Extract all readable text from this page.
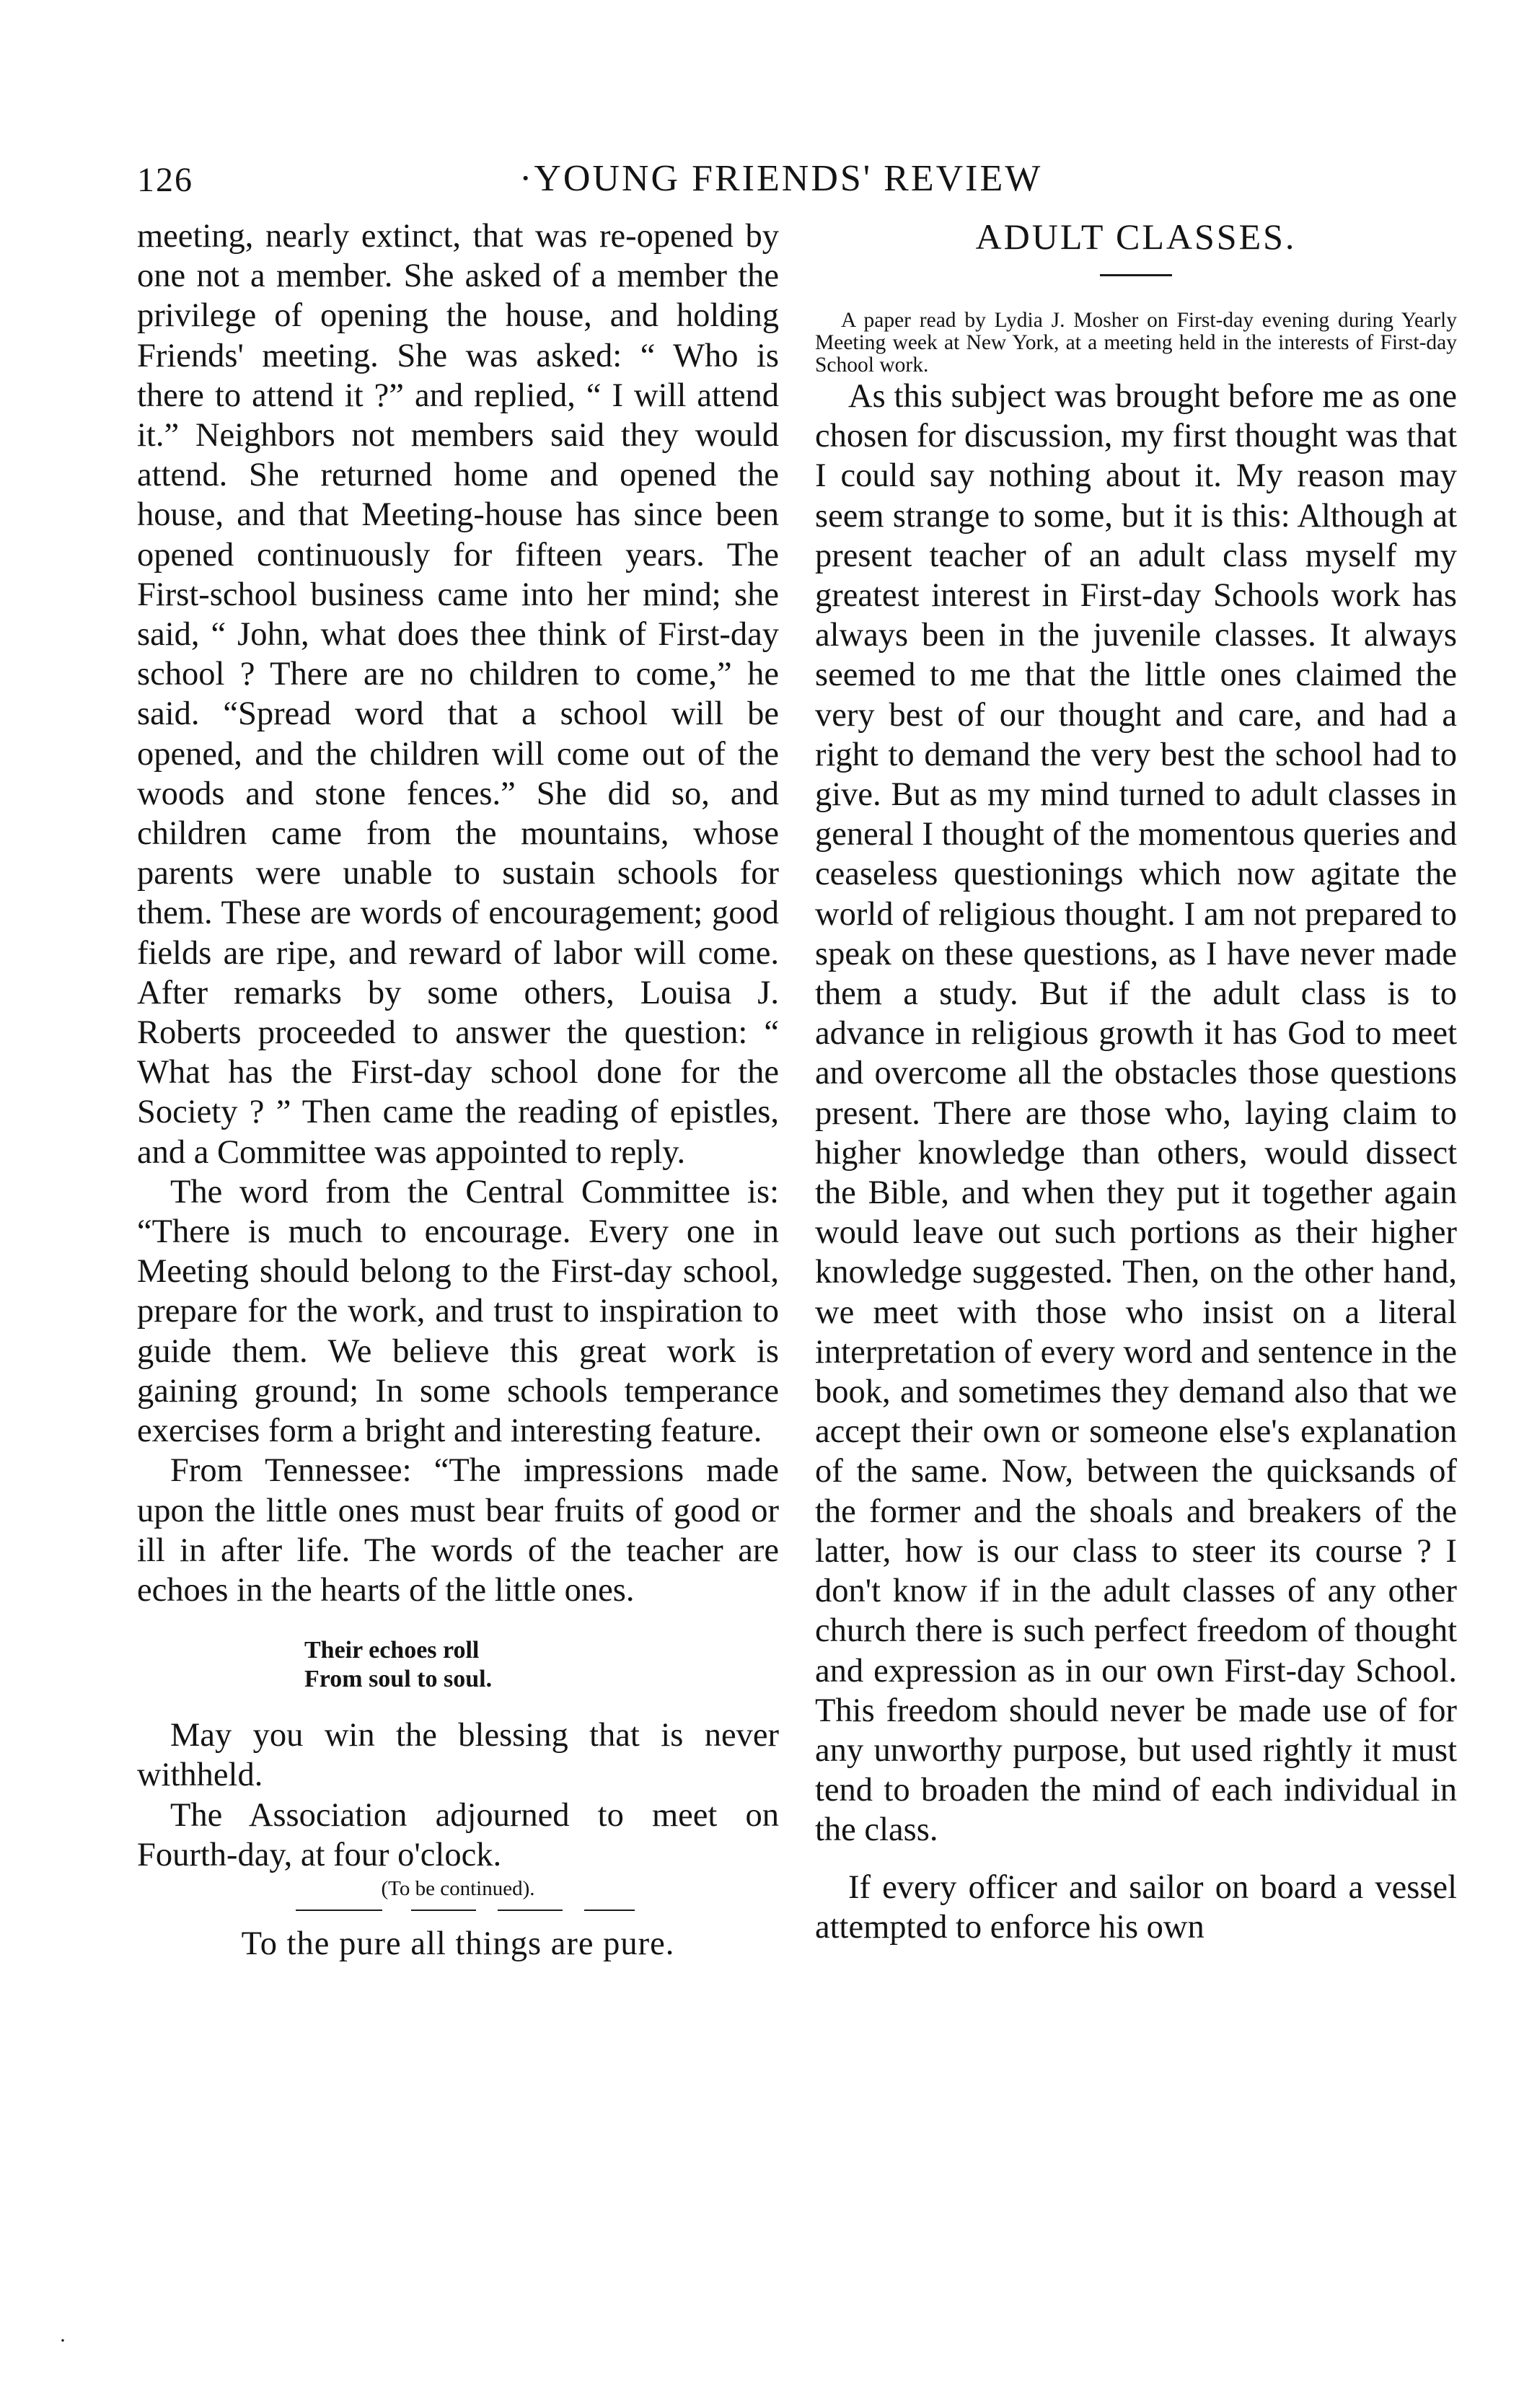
126	·YOUNG FRIENDS' REVIEW

meeting, nearly extinct, that was re-opened by one not a member. She asked of a member the privilege of opening the house, and holding Friends' meeting. She was asked: “ Who is there to attend it ?” and replied, “ I will attend it.” Neighbors not members said they would attend. She returned home and opened the house, and that Meeting-house has since been opened continuously for fifteen years. The First-school business came into her mind; she said, “ John, what does thee think of First-day school ? There are no children to come,” he said. “Spread word that a school will be opened, and the children will come out of the woods and stone fences.” She did so, and children came from the mountains, whose parents were unable to sustain schools for them. These are words of encouragement; good fields are ripe, and reward of labor will come. After remarks by some others, Louisa J. Roberts proceeded to answer the question: “ What has the First-day school done for the Society ? ” Then came the reading of epistles, and a Committee was appointed to reply.

The word from the Central Committee is: “There is much to encourage. Every one in Meeting should belong to the First-day school, prepare for the work, and trust to inspiration to guide them. We believe this great work is gaining ground; In some schools temperance exercises form a bright and interesting feature.

From Tennessee: “The impressions made upon the little ones must bear fruits of good or ill in after life. The words of the teacher are echoes in the hearts of the little ones.

Their echoes roll
From soul to soul.

May you win the blessing that is never withheld.

The Association adjourned to meet on Fourth-day, at four o'clock.

(To be continued).

To the pure all things are pure.

ADULT CLASSES.

A paper read by Lydia J. Mosher on First-day evening during Yearly Meeting week at New York, at a meeting held in the interests of First-day School work.

As this subject was brought before me as one chosen for discussion, my first thought was that I could say nothing about it. My reason may seem strange to some, but it is this: Although at present teacher of an adult class myself my greatest interest in First-day Schools work has always been in the juvenile classes. It always seemed to me that the little ones claimed the very best of our thought and care, and had a right to demand the very best the school had to give. But as my mind turned to adult classes in general I thought of the momentous queries and ceaseless questionings which now agitate the world of religious thought. I am not prepared to speak on these questions, as I have never made them a study. But if the adult class is to advance in religious growth it has God to meet and overcome all the obstacles those questions present. There are those who, laying claim to higher knowledge than others, would dissect the Bible, and when they put it together again would leave out such portions as their higher knowledge suggested. Then, on the other hand, we meet with those who insist on a literal interpretation of every word and sentence in the book, and sometimes they demand also that we accept their own or someone else's explanation of the same. Now, between the quicksands of the former and the shoals and breakers of the latter, how is our class to steer its course ? I don't know if in the adult classes of any other church there is such perfect freedom of thought and expression as in our own First-day School. This freedom should never be made use of for any unworthy purpose, but used rightly it must tend to broaden the mind of each individual in the class.

If every officer and sailor on board a vessel attempted to enforce his own

·
